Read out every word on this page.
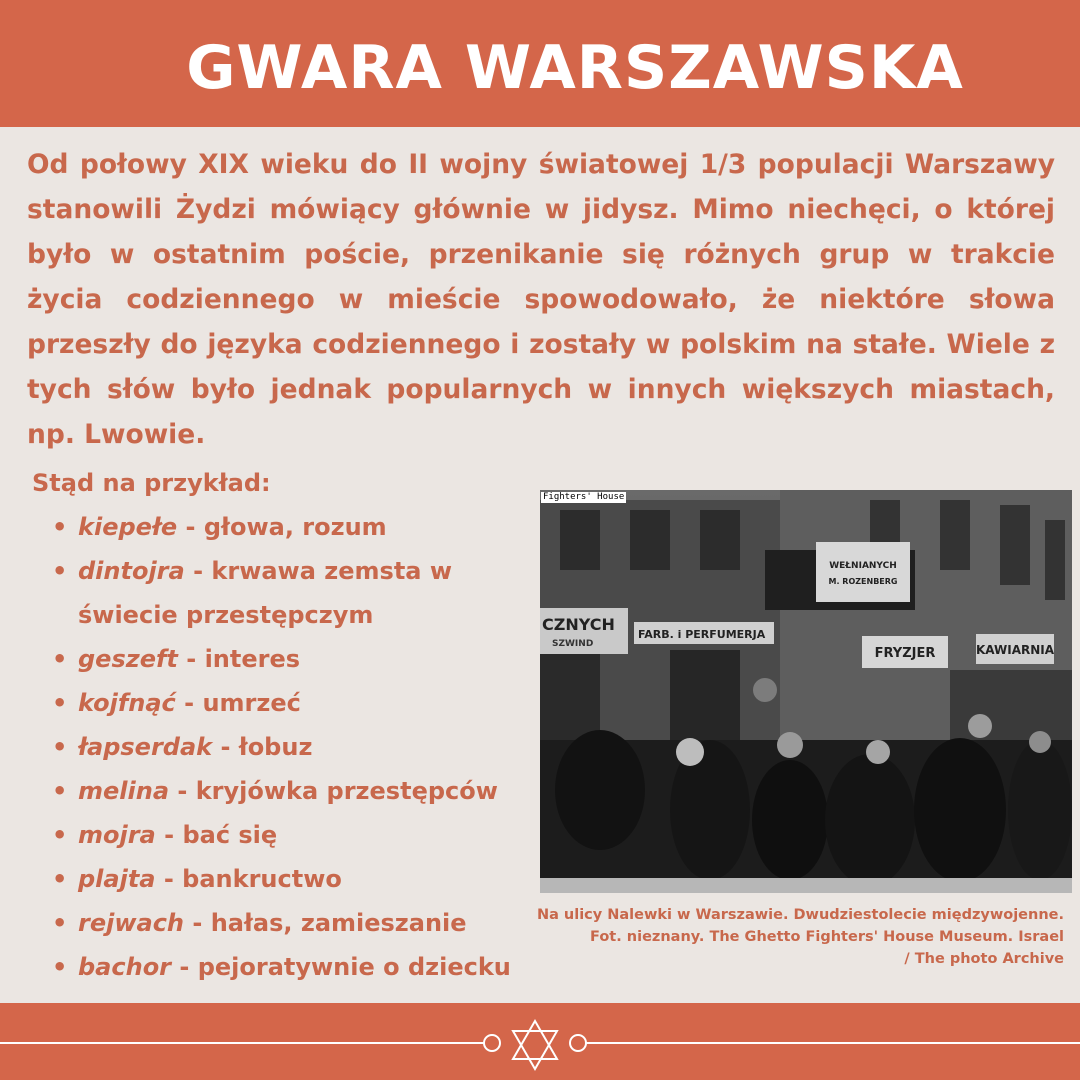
GWARA WARSZAWSKA
Od połowy XIX wieku do II wojny światowej 1/3 populacji Warszawy stanowili Żydzi mówiący głównie w jidysz. Mimo niechęci, o której było w ostatnim poście, przenikanie się różnych grup w trakcie życia codziennego w mieście spowodowało, że niektóre słowa przeszły do języka codziennego i zostały w polskim na stałe. Wiele z tych słów było jednak popularnych w innych większych miastach, np. Lwowie.
Stąd na przykład:
• kiepełe - głowa, rozum
• dintojra - krwawa zemsta w świecie przestępczym
• geszeft - interes
• kojfnąć - umrzeć
• łapserdak - łobuz
• melina - kryjówka przestępców
• mojra - bać się
• plajta - bankructwo
• rejwach - hałas, zamieszanie
• bachor - pejoratywnie o dziecku
WEŁNIANYCH
M. ROZENBERG
CZNYCH
SZWIND
FARB. i PERFUMERJA
FRYZJER	KAWIARNIA
Fighters' House
Na ulicy Nalewki w Warszawie. Dwudziestolecie międzywojenne.
Fot. nieznany. The Ghetto Fighters' House Museum. Israel
/ The photo Archive
